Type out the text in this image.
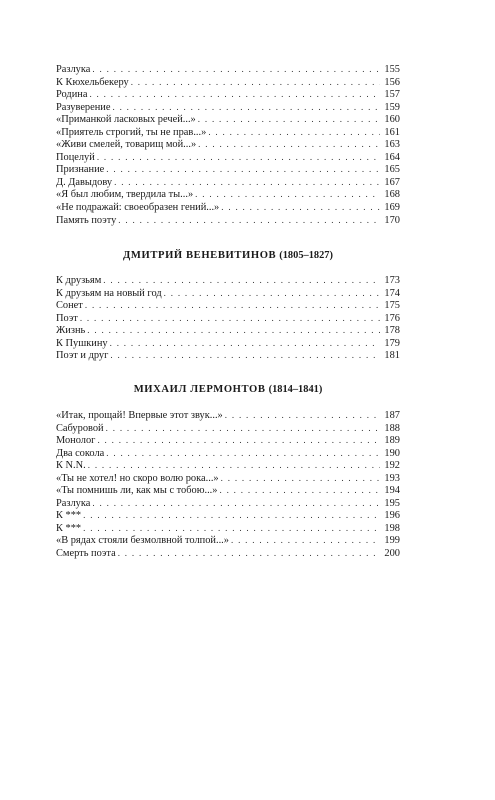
Разлука . . .	155
К Кюхельбекеру . . .	156
Родина . . .	157
Разуверение . . .	159
«Приманкой ласковых речей...» . . .	160
«Приятель строгий, ты не прав...» . . .	161
«Живи смелей, товарищ мой...» . . .	163
Поцелуй . . .	164
Признание . . .	165
Д. Давыдову . . .	167
«Я был любим, твердила ты...» . . .	168
«Не подражай: своеобразен гений...» . . .	169
Память поэту . . .	170
ДМИТРИЙ ВЕНЕВИТИНОВ (1805–1827)
К друзьям . . .	173
К друзьям на новый год . . .	174
Сонет . . .	175
Поэт . . .	176
Жизнь . . .	178
К Пушкину . . .	179
Поэт и друг . . .	181
МИХАИЛ ЛЕРМОНТОВ (1814–1841)
«Итак, прощай! Впервые этот звук...» . . .	187
Сабуровой . . .	188
Монолог . . .	189
Два сокола . . .	190
К N.N. . . .	192
«Ты не хотел! но скоро волю рока...» . . .	193
«Ты помнишь ли, как мы с тобою...» . . .	194
Разлука . . .	195
К *** . . .	196
К *** . . .	198
«В рядах стояли безмолвной толпой...» . . .	199
Смерть поэта . . .	200
